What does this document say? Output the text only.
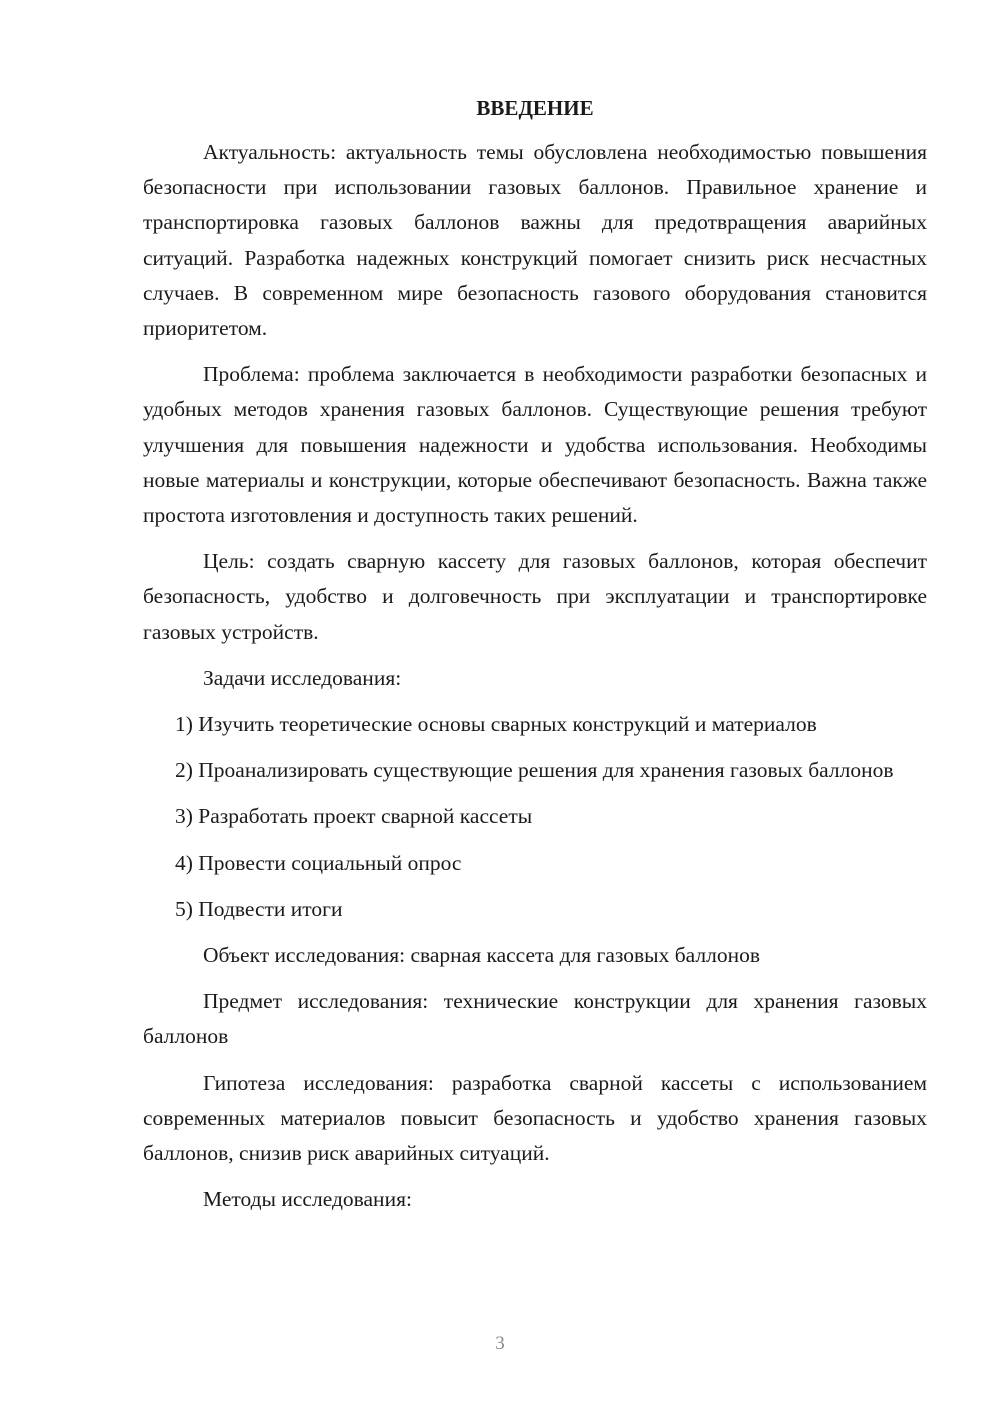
ВВЕДЕНИЕ

Актуальность: актуальность темы обусловлена необходимостью повышения безопасности при использовании газовых баллонов. Правильное хранение и транспортировка газовых баллонов важны для предотвращения аварийных ситуаций. Разработка надежных конструкций помогает снизить риск несчастных случаев. В современном мире безопасность газового оборудования становится приоритетом.

Проблема: проблема заключается в необходимости разработки безопасных и удобных методов хранения газовых баллонов. Существующие решения требуют улучшения для повышения надежности и удобства использования. Необходимы новые материалы и конструкции, которые обеспечивают безопасность. Важна также простота изготовления и доступность таких решений.

Цель: создать сварную кассету для газовых баллонов, которая обеспечит безопасность, удобство и долговечность при эксплуатации и транспортировке газовых устройств.

Задачи исследования:

1) Изучить теоретические основы сварных конструкций и материалов

2) Проанализировать существующие решения для хранения газовых баллонов

3) Разработать проект сварной кассеты

4) Провести социальный опрос

5) Подвести итоги

Объект исследования: сварная кассета для газовых баллонов

Предмет исследования: технические конструкции для хранения газовых баллонов

Гипотеза исследования: разработка сварной кассеты с использованием современных материалов повысит безопасность и удобство хранения газовых баллонов, снизив риск аварийных ситуаций.

Методы исследования:

3
